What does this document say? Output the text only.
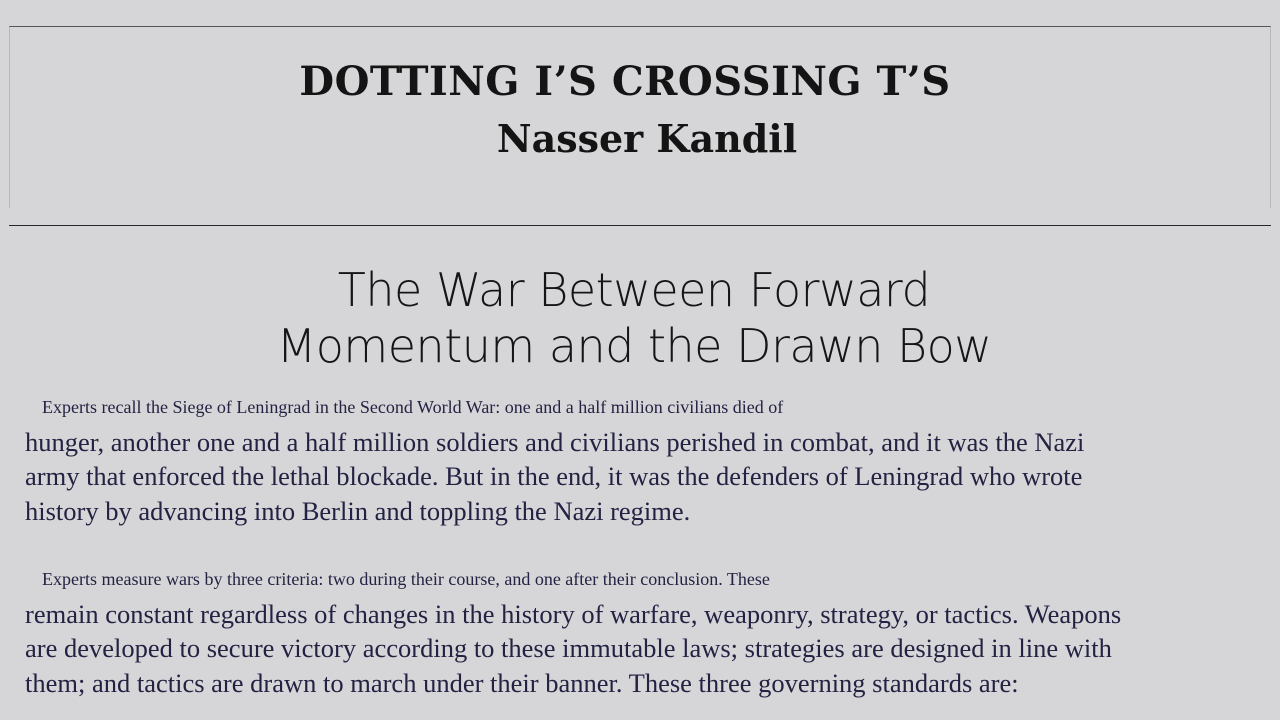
DOTTING I’S CROSSING T’S
Nasser Kandil
The War Between Forward
Momentum and the Drawn Bow

Experts recall the Siege of Leningrad in the Second World War: one and a half million civilians died of
hunger, another one and a half million soldiers and civilians perished in combat, and it was the Nazi
army that enforced the lethal blockade. But in the end, it was the defenders of Leningrad who wrote
history by advancing into Berlin and toppling the Nazi regime.

Experts measure wars by three criteria: two during their course, and one after their conclusion. These
remain constant regardless of changes in the history of warfare, weaponry, strategy, or tactics. Weapons
are developed to secure victory according to these immutable laws; strategies are designed in line with
them; and tactics are drawn to march under their banner. These three governing standards are:
